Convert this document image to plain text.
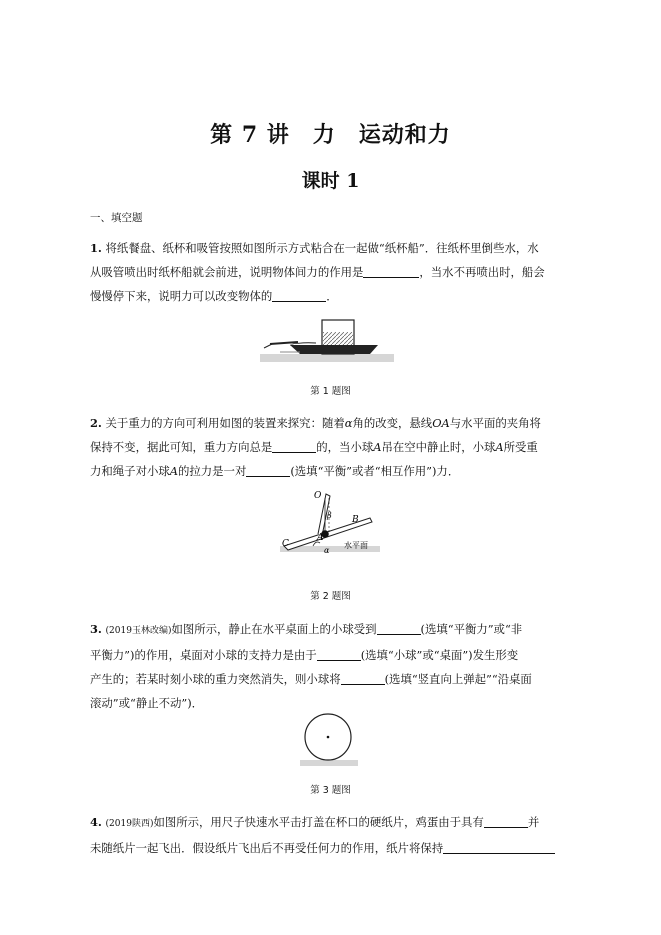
第 7 讲　力　运动和力
课时 1
一、填空题

1. 将纸餐盘、纸杯和吸管按照如图所示方式粘合在一起做“纸杯船”．往纸杯里倒些水，水

从吸管喷出时纸杯船就会前进，说明物体间力的作用是	，当水不再喷出时，船会

慢慢停下来，说明力可以改变物体的	．

第 1 题图

2. 关于重力的方向可利用如图的装置来探究：随着α角的改变，悬线OA与水平面的夹角将

保持不变，据此可知，重力方向总是	的，当小球A吊在空中静止时，小球A所受重

力和绳子对小球A的拉力是一对	(选填“平衡”或者“相互作用”)力．

O
β
A
B
C
α
水平面
第 2 题图

3. (2019玉林改编)如图所示，静止在水平桌面上的小球受到	(选填“平衡力”或“非

平衡力”)的作用，桌面对小球的支持力是由于	(选填“小球”或“桌面”)发生形变

产生的；若某时刻小球的重力突然消失，则小球将	(选填“竖直向上弹起”“沿桌面

滚动”或“静止不动”)．

第 3 题图

4. (2019陕西)如图所示，用尺子快速水平击打盖在杯口的硬纸片，鸡蛋由于具有	并

未随纸片一起飞出．假设纸片飞出后不再受任何力的作用，纸片将保持
